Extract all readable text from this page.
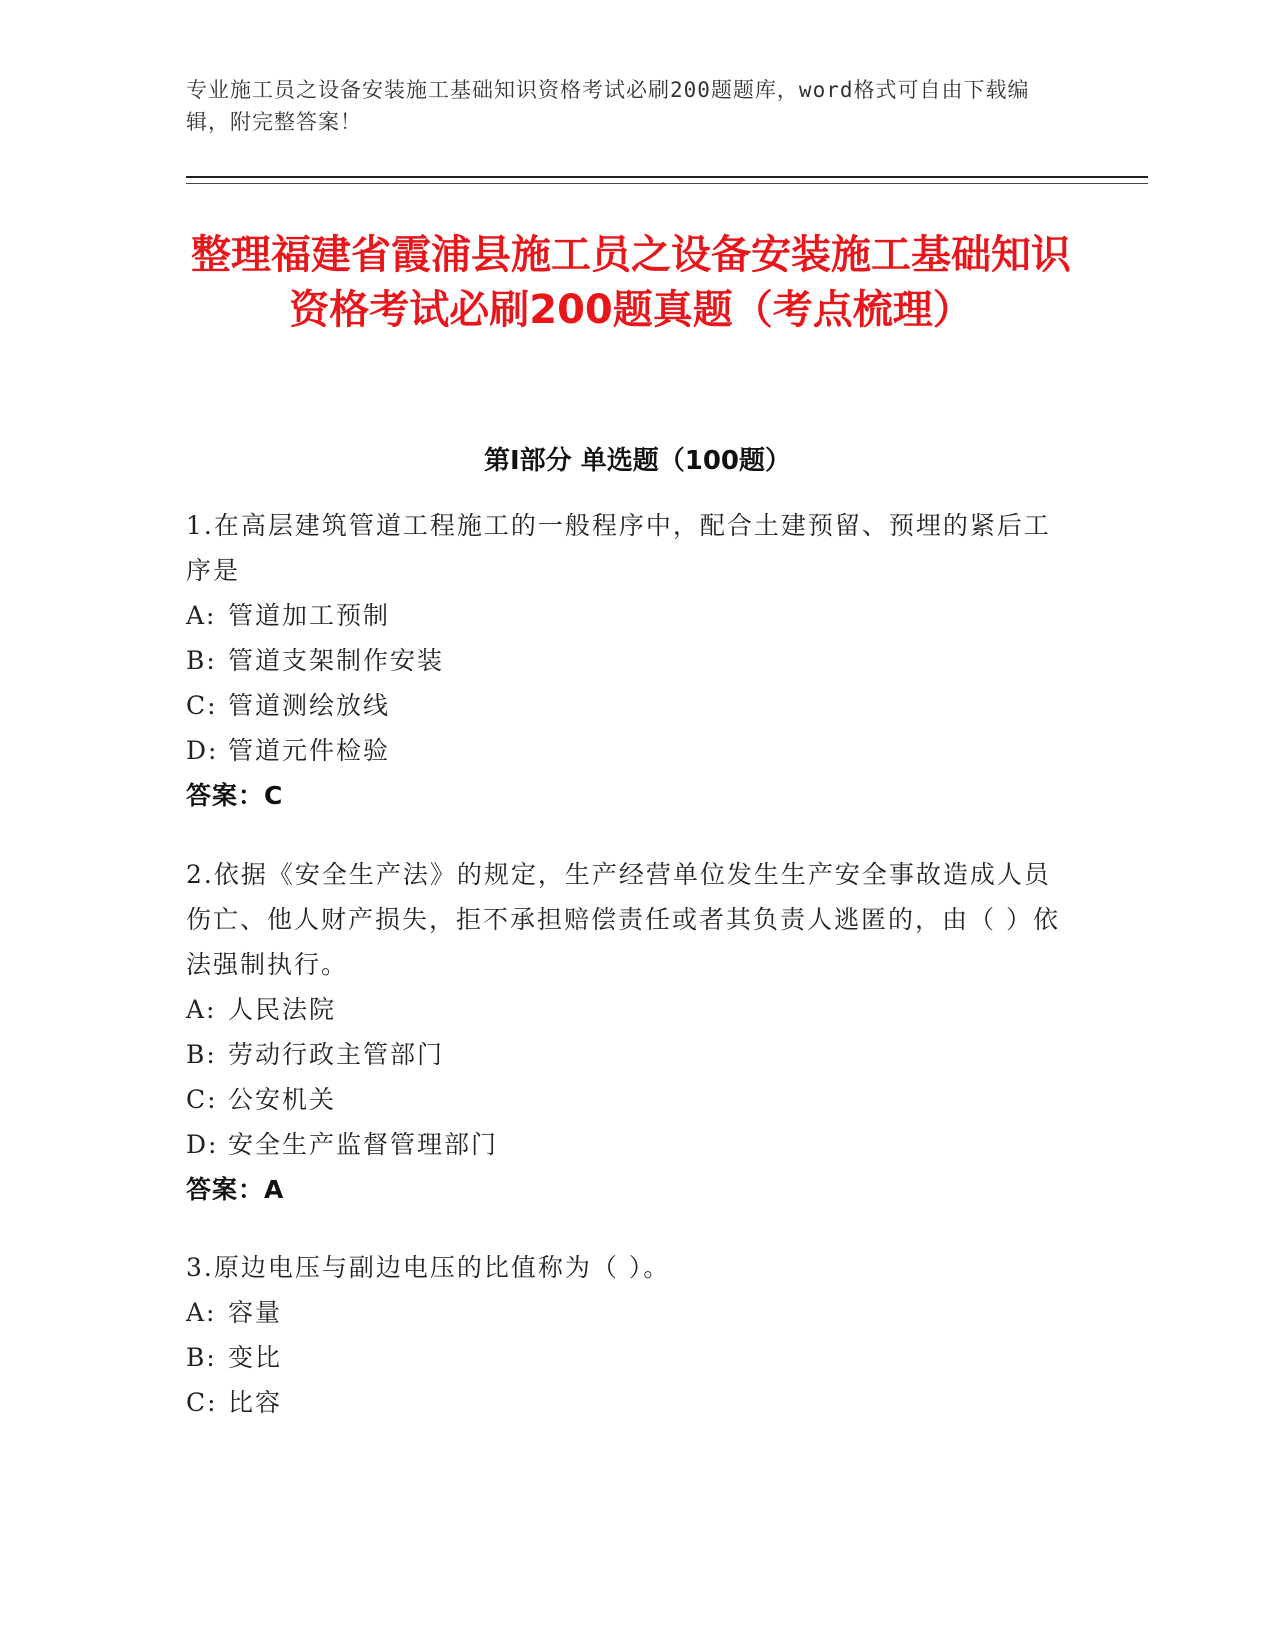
专业施工员之设备安装施工基础知识资格考试必刷200题题库，word格式可自由下载编辑，附完整答案！
整理福建省霞浦县施工员之设备安装施工基础知识资格考试必刷200题真题（考点梳理）
第Ⅰ部分 单选题（100题）

1.在高层建筑管道工程施工的一般程序中，配合土建预留、预埋的紧后工序是

A: 管道加工预制

B: 管道支架制作安装

C: 管道测绘放线

D: 管道元件检验

答案：C

2.依据《安全生产法》的规定，生产经营单位发生生产安全事故造成人员伤亡、他人财产损失，拒不承担赔偿责任或者其负责人逃匿的，由（ ）依法强制执行。

A: 人民法院

B: 劳动行政主管部门

C: 公安机关

D: 安全生产监督管理部门

答案：A

3.原边电压与副边电压的比值称为（ ）。

A: 容量

B: 变比

C: 比容
